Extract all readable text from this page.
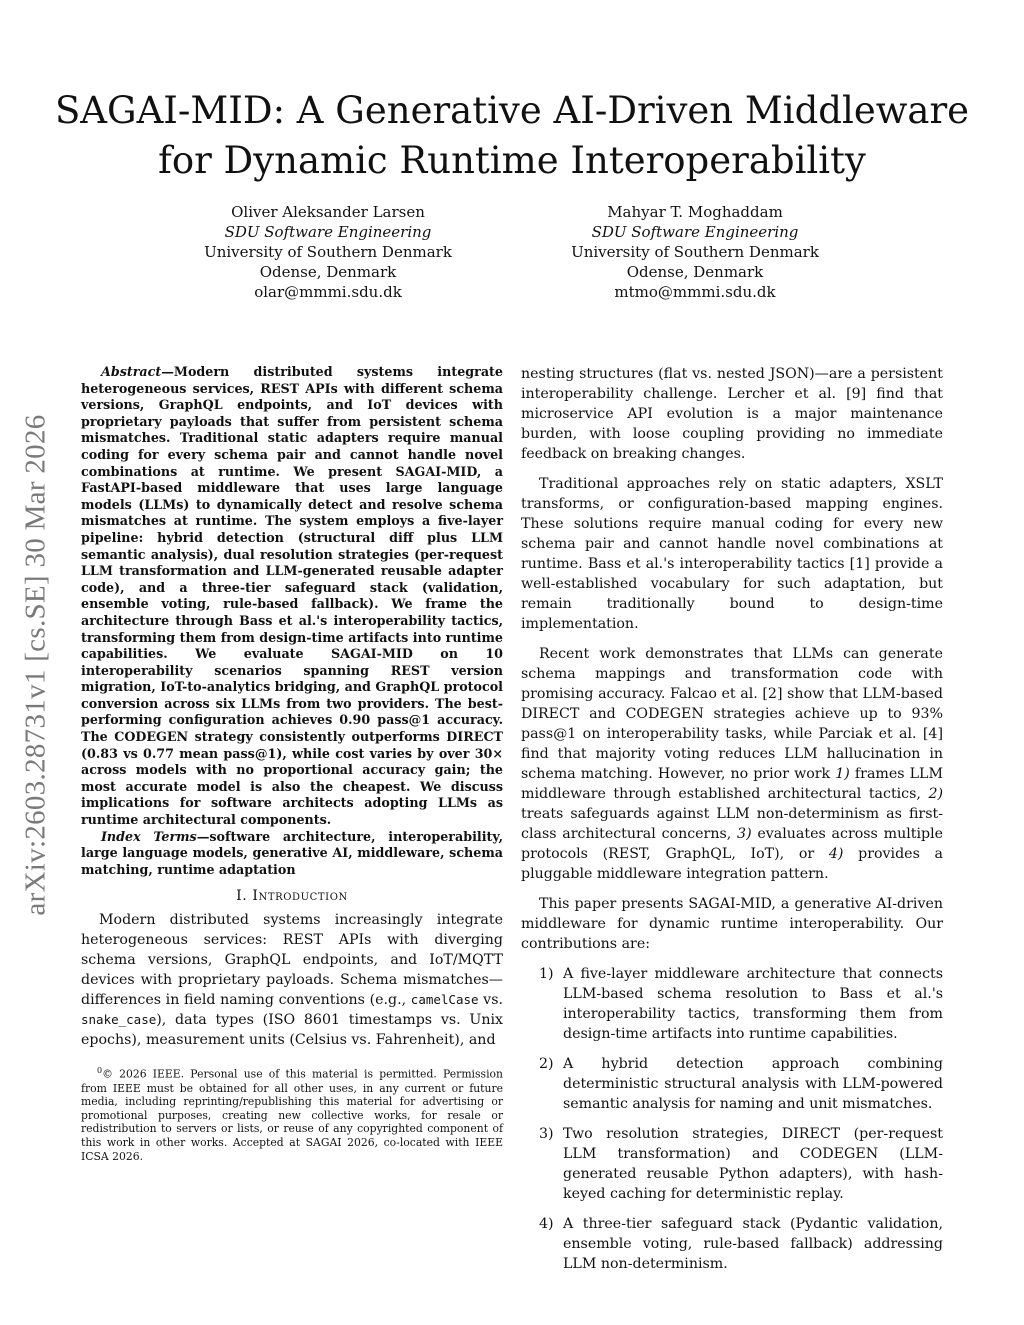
SAGAI-MID: A Generative AI-Driven Middleware
for Dynamic Runtime Interoperability
Oliver Aleksander Larsen
SDU Software Engineering
University of Southern Denmark
Odense, Denmark
olar@mmmi.sdu.dk
Mahyar T. Moghaddam
SDU Software Engineering
University of Southern Denmark
Odense, Denmark
mtmo@mmmi.sdu.dk
arXiv:2603.28731v1 [cs.SE] 30 Mar 2026

Abstract—Modern distributed systems integrate heterogeneous services, REST APIs with different schema versions, GraphQL endpoints, and IoT devices with proprietary payloads that suffer from persistent schema mismatches. Traditional static adapters require manual coding for every schema pair and cannot handle novel combinations at runtime. We present SAGAI-MID, a FastAPI-based middleware that uses large language models (LLMs) to dynamically detect and resolve schema mismatches at runtime. The system employs a five-layer pipeline: hybrid detection (structural diff plus LLM semantic analysis), dual resolution strategies (per-request LLM transformation and LLM-generated reusable adapter code), and a three-tier safeguard stack (validation, ensemble voting, rule-based fallback). We frame the architecture through Bass et al.'s interoperability tactics, transforming them from design-time artifacts into runtime capabilities. We evaluate SAGAI-MID on 10 interoperability scenarios spanning REST version migration, IoT-to-analytics bridging, and GraphQL protocol conversion across six LLMs from two providers. The best-performing configuration achieves 0.90 pass@1 accuracy. The CODEGEN strategy consistently outperforms DIRECT (0.83 vs 0.77 mean pass@1), while cost varies by over 30× across models with no proportional accuracy gain; the most accurate model is also the cheapest. We discuss implications for software architects adopting LLMs as runtime architectural components.

Index Terms—software architecture, interoperability, large language models, generative AI, middleware, schema matching, runtime adaptation

I. Introduction

Modern distributed systems increasingly integrate heterogeneous services: REST APIs with diverging schema versions, GraphQL endpoints, and IoT/MQTT devices with proprietary payloads. Schema mismatches—differences in field naming conventions (e.g., camelCase vs. snake_case), data types (ISO 8601 timestamps vs. Unix epochs), measurement units (Celsius vs. Fahrenheit), and

$^0$© 2026 IEEE. Personal use of this material is permitted. Permission from IEEE must be obtained for all other uses, in any current or future media, including reprinting/republishing this material for advertising or promotional purposes, creating new collective works, for resale or redistribution to servers or lists, or reuse of any copyrighted component of this work in other works. Accepted at SAGAI 2026, co-located with IEEE ICSA 2026.

nesting structures (flat vs. nested JSON)—are a persistent interoperability challenge. Lercher et al. [9] find that microservice API evolution is a major maintenance burden, with loose coupling providing no immediate feedback on breaking changes.

Traditional approaches rely on static adapters, XSLT transforms, or configuration-based mapping engines. These solutions require manual coding for every new schema pair and cannot handle novel combinations at runtime. Bass et al.'s interoperability tactics [1] provide a well-established vocabulary for such adaptation, but remain traditionally bound to design-time implementation.

Recent work demonstrates that LLMs can generate schema mappings and transformation code with promising accuracy. Falcao et al. [2] show that LLM-based DIRECT and CODEGEN strategies achieve up to 93% pass@1 on interoperability tasks, while Parciak et al. [4] find that majority voting reduces LLM hallucination in schema matching. However, no prior work 1) frames LLM middleware through established architectural tactics, 2) treats safeguards against LLM non-determinism as first-class architectural concerns, 3) evaluates across multiple protocols (REST, GraphQL, IoT), or 4) provides a pluggable middleware integration pattern.

This paper presents SAGAI-MID, a generative AI-driven middleware for dynamic runtime interoperability. Our contributions are:

1) A five-layer middleware architecture that connects LLM-based schema resolution to Bass et al.'s interoperability tactics, transforming them from design-time artifacts into runtime capabilities.
2) A hybrid detection approach combining deterministic structural analysis with LLM-powered semantic analysis for naming and unit mismatches.
3) Two resolution strategies, DIRECT (per-request LLM transformation) and CODEGEN (LLM-generated reusable Python adapters), with hash-keyed caching for deterministic replay.
4) A three-tier safeguard stack (Pydantic validation, ensemble voting, rule-based fallback) addressing LLM non-determinism.
